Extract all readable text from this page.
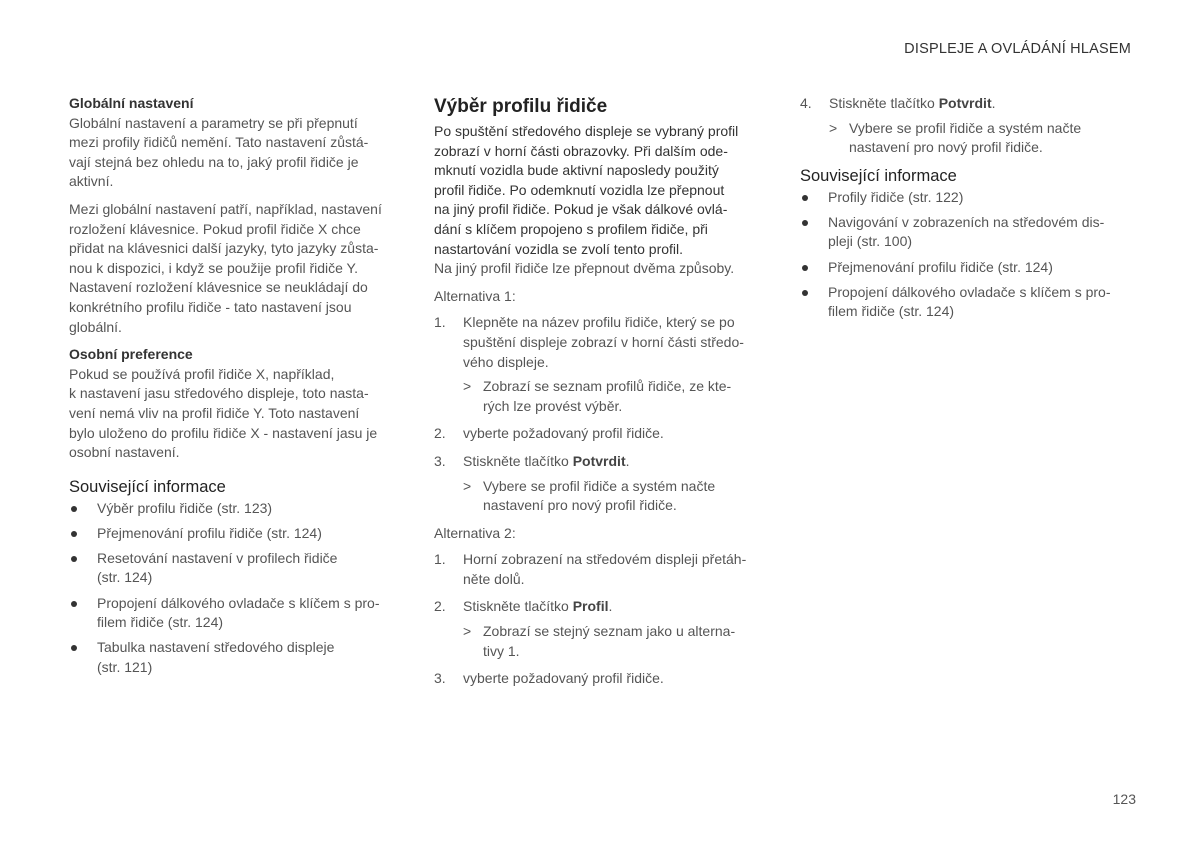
DISPLEJE A OVLÁDÁNÍ HLASEM
Globální nastavení
Globální nastavení a parametry se při přepnutí
mezi profily řidičů nemění. Tato nastavení zůstá-
vají stejná bez ohledu na to, jaký profil řidiče je
aktivní.
Mezi globální nastavení patří, například, nastavení
rozložení klávesnice. Pokud profil řidiče X chce
přidat na klávesnici další jazyky, tyto jazyky zůsta-
nou k dispozici, i když se použije profil řidiče Y.
Nastavení rozložení klávesnice se neukládají do
konkrétního profilu řidiče - tato nastavení jsou
globální.
Osobní preference
Pokud se používá profil řidiče X, například,
k nastavení jasu středového displeje, toto nasta-
vení nemá vliv na profil řidiče Y. Toto nastavení
bylo uloženo do profilu řidiče X - nastavení jasu je
osobní nastavení.
Související informace
Výběr profilu řidiče (str. 123)
Přejmenování profilu řidiče (str. 124)
Resetování nastavení v profilech řidiče
(str. 124)
Propojení dálkového ovladače s klíčem s pro-
filem řidiče (str. 124)
Tabulka nastavení středového displeje
(str. 121)
Výběr profilu řidiče
Po spuštění středového displeje se vybraný profil
zobrazí v horní části obrazovky. Při dalším ode-
mknutí vozidla bude aktivní naposledy použitý
profil řidiče. Po odemknutí vozidla lze přepnout
na jiný profil řidiče. Pokud je však dálkové ovlá-
dání s klíčem propojeno s profilem řidiče, při
nastartování vozidla se zvolí tento profil.
Na jiný profil řidiče lze přepnout dvěma způsoby.
Alternativa 1:
1. Klepněte na název profilu řidiče, který se po
spuštění displeje zobrazí v horní části středo-
vého displeje.
> Zobrazí se seznam profilů řidiče, ze kte-
rých lze provést výběr.
2. vyberte požadovaný profil řidiče.
3. Stiskněte tlačítko Potvrdit.
> Vybere se profil řidiče a systém načte
nastavení pro nový profil řidiče.
Alternativa 2:
1. Horní zobrazení na středovém displeji přetáh-
něte dolů.
2. Stiskněte tlačítko Profil.
> Zobrazí se stejný seznam jako u alterna-
tivy 1.
3. vyberte požadovaný profil řidiče.
4. Stiskněte tlačítko Potvrdit.
> Vybere se profil řidiče a systém načte
nastavení pro nový profil řidiče.
Související informace
Profily řidiče (str. 122)
Navigování v zobrazeních na středovém dis-
pleji (str. 100)
Přejmenování profilu řidiče (str. 124)
Propojení dálkového ovladače s klíčem s pro-
filem řidiče (str. 124)
123
